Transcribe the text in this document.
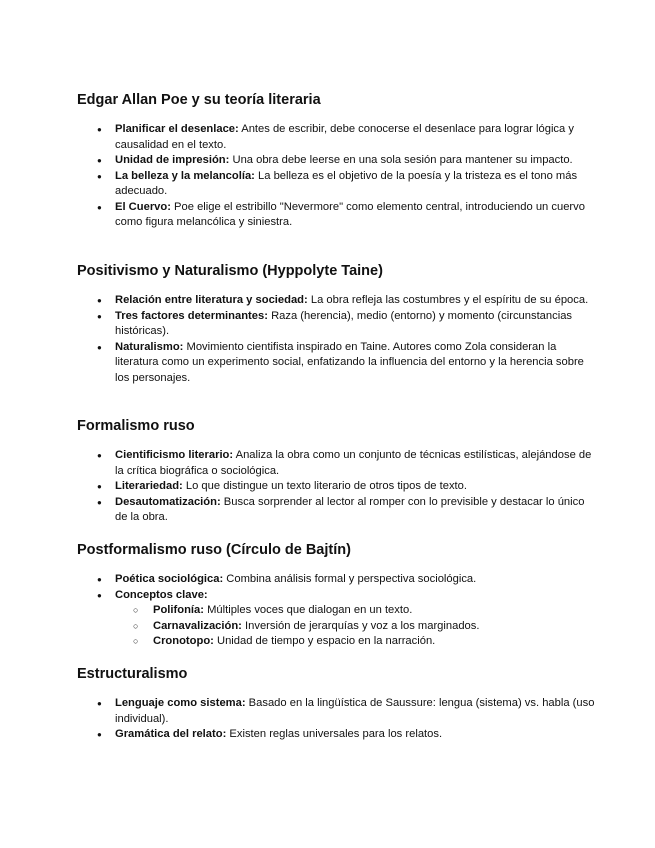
Edgar Allan Poe y su teoría literaria
● Planificar el desenlace: Antes de escribir, debe conocerse el desenlace para lograr lógica y causalidad en el texto.
● Unidad de impresión: Una obra debe leerse en una sola sesión para mantener su impacto.
● La belleza y la melancolía: La belleza es el objetivo de la poesía y la tristeza es el tono más adecuado.
● El Cuervo: Poe elige el estribillo "Nevermore" como elemento central, introduciendo un cuervo como figura melancólica y siniestra.
Positivismo y Naturalismo (Hyppolyte Taine)
● Relación entre literatura y sociedad: La obra refleja las costumbres y el espíritu de su época.
● Tres factores determinantes: Raza (herencia), medio (entorno) y momento (circunstancias históricas).
● Naturalismo: Movimiento cientifista inspirado en Taine. Autores como Zola consideran la literatura como un experimento social, enfatizando la influencia del entorno y la herencia sobre los personajes.
Formalismo ruso
● Cientificismo literario: Analiza la obra como un conjunto de técnicas estilísticas, alejándose de la crítica biográfica o sociológica.
● Literariedad: Lo que distingue un texto literario de otros tipos de texto.
● Desautomatización: Busca sorprender al lector al romper con lo previsible y destacar lo único de la obra.
Postformalismo ruso (Círculo de Bajtín)
● Poética sociológica: Combina análisis formal y perspectiva sociológica.
● Conceptos clave:
○ Polifonía: Múltiples voces que dialogan en un texto.
○ Carnavalización: Inversión de jerarquías y voz a los marginados.
○ Cronotopo: Unidad de tiempo y espacio en la narración.
Estructuralismo
● Lenguaje como sistema: Basado en la lingüística de Saussure: lengua (sistema) vs. habla (uso individual).
● Gramática del relato: Existen reglas universales para los relatos.
